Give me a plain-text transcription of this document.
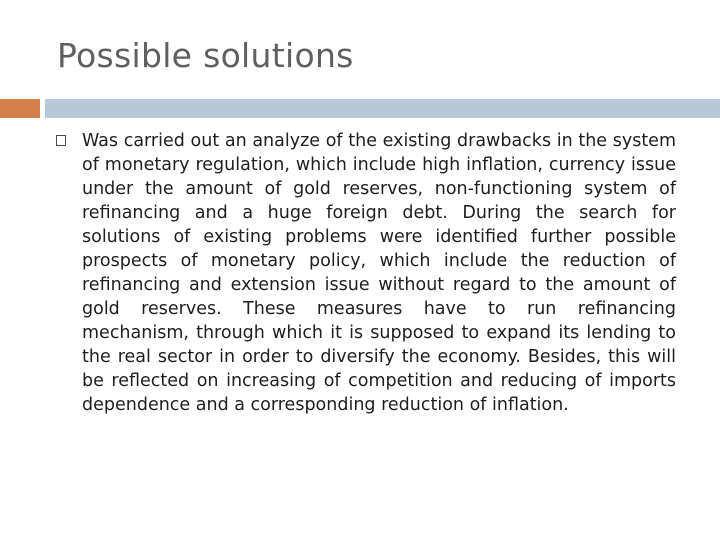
Possible solutions

Was carried out an analyze of the existing drawbacks in the system of monetary regulation, which include high inflation, currency issue under the amount of gold reserves, non-functioning system of refinancing and a huge foreign debt. During the search for solutions of existing problems were identified further possible prospects of monetary policy, which include the reduction of refinancing and extension issue without regard to the amount of gold reserves. These measures have to run refinancing mechanism, through which it is supposed to expand its lending to the real sector in order to diversify the economy. Besides, this will be reflected on increasing of competition and reducing of imports dependence and a corresponding reduction of inflation.
